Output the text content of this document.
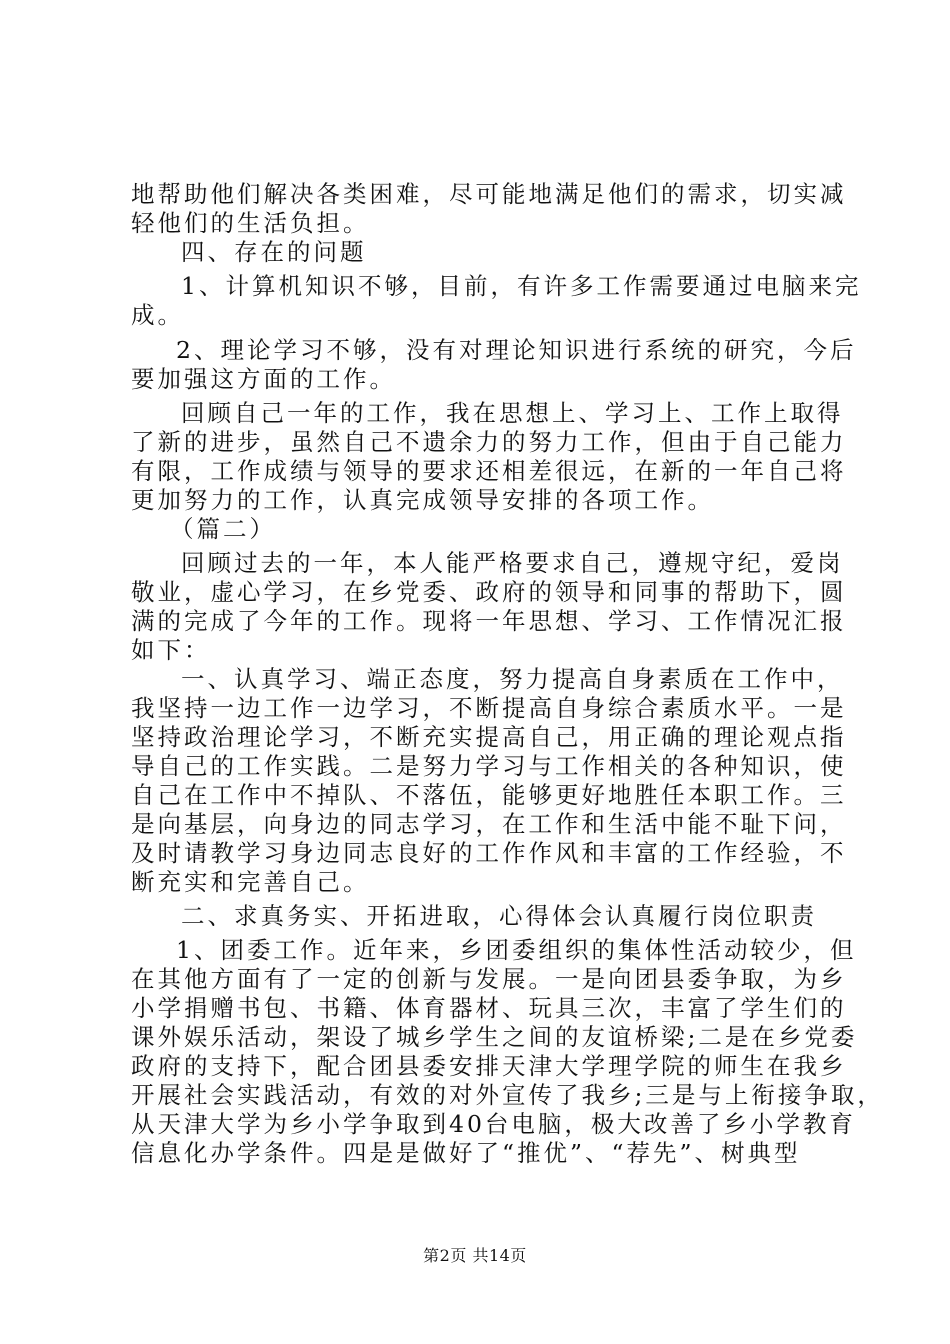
地帮助他们解决各类困难，尽可能地满足他们的需求，切实减
轻他们的生活负担。
四、存在的问题
1、计算机知识不够，目前，有许多工作需要通过电脑来完
成。
2、理论学习不够，没有对理论知识进行系统的研究，今后
要加强这方面的工作。
回顾自己一年的工作，我在思想上、学习上、工作上取得
了新的进步，虽然自己不遗余力的努力工作，但由于自己能力
有限，工作成绩与领导的要求还相差很远，在新的一年自己将
更加努力的工作，认真完成领导安排的各项工作。
（篇二）
回顾过去的一年，本人能严格要求自己，遵规守纪，爱岗
敬业，虚心学习，在乡党委、政府的领导和同事的帮助下，圆
满的完成了今年的工作。现将一年思想、学习、工作情况汇报
如下：
一、认真学习、端正态度，努力提高自身素质在工作中，
我坚持一边工作一边学习，不断提高自身综合素质水平。一是
坚持政治理论学习，不断充实提高自己，用正确的理论观点指
导自己的工作实践。二是努力学习与工作相关的各种知识，使
自己在工作中不掉队、不落伍，能够更好地胜任本职工作。三
是向基层，向身边的同志学习，在工作和生活中能不耻下问，
及时请教学习身边同志良好的工作作风和丰富的工作经验，不
断充实和完善自己。
二、求真务实、开拓进取，心得体会认真履行岗位职责
1、团委工作。近年来，乡团委组织的集体性活动较少，但
在其他方面有了一定的创新与发展。一是向团县委争取，为乡
小学捐赠书包、书籍、体育器材、玩具三次，丰富了学生们的
课外娱乐活动，架设了城乡学生之间的友谊桥梁;二是在乡党委
政府的支持下，配合团县委安排天津大学理学院的师生在我乡
开展社会实践活动，有效的对外宣传了我乡;三是与上衔接争取，
从天津大学为乡小学争取到40台电脑，极大改善了乡小学教育
信息化办学条件。四是是做好了“推优”、“荐先”、树典型
第2页 共14页
